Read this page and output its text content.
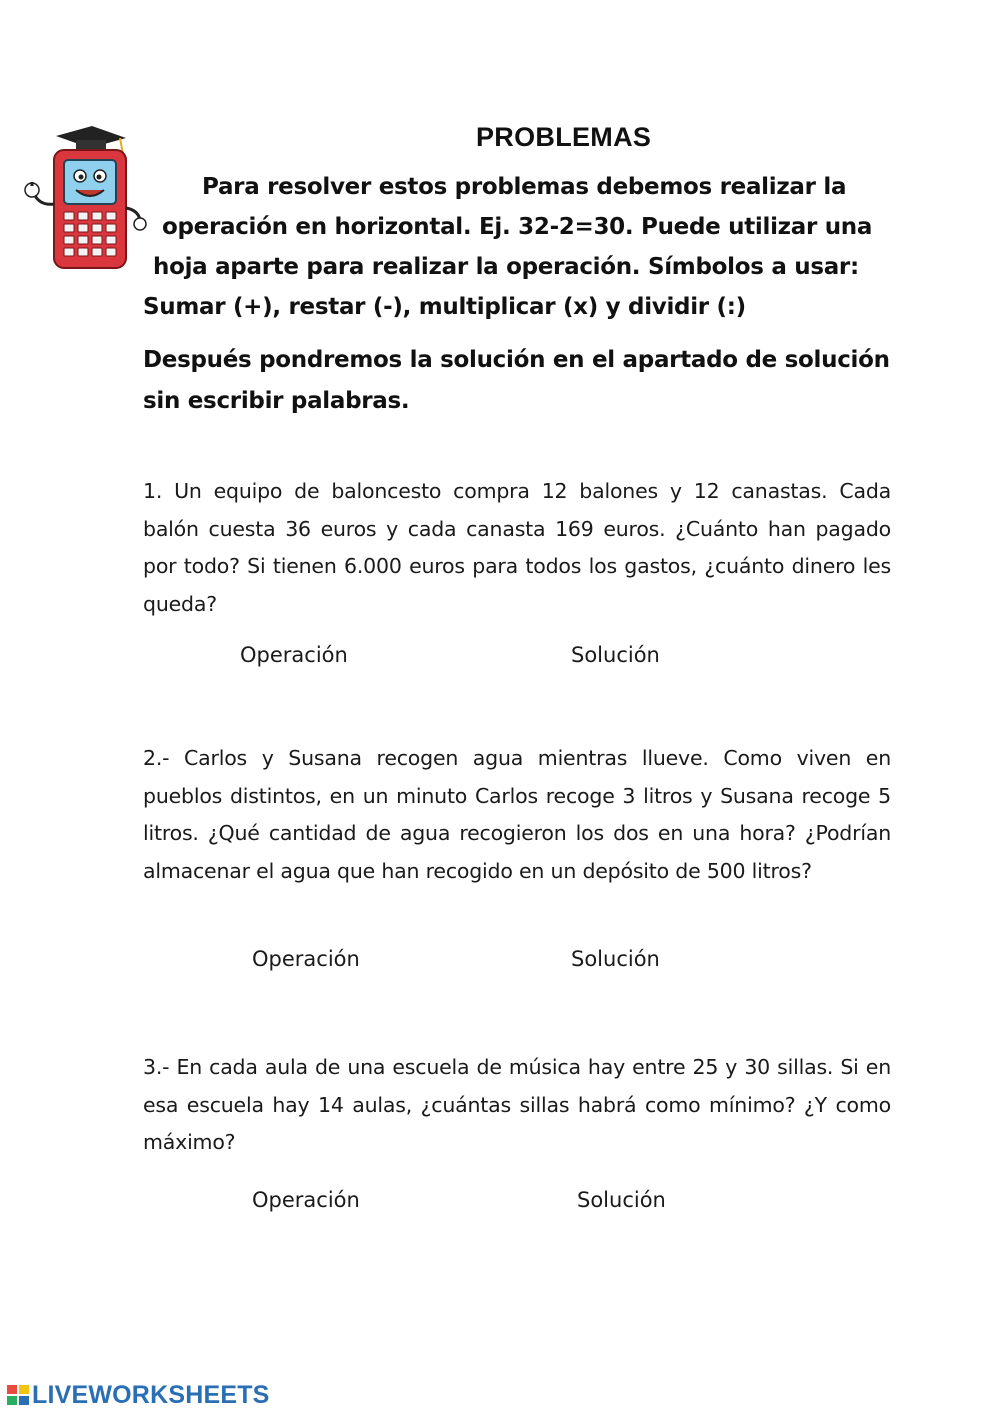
PROBLEMAS
Para resolver estos problemas debemos realizar la
operación en horizontal. Ej. 32-2=30. Puede utilizar una
hoja aparte para realizar la operación. Símbolos a usar:
Sumar (+), restar (-), multiplicar (x) y dividir (:)
Después pondremos la solución en el apartado de solución
sin escribir palabras.
1. Un equipo de baloncesto compra 12 balones y 12 canastas. Cada balón cuesta 36 euros y cada canasta 169 euros. ¿Cuánto han pagado por todo? Si tienen 6.000 euros para todos los gastos, ¿cuánto dinero les queda?
Operación	Solución
2.- Carlos y Susana recogen agua mientras llueve. Como viven en pueblos distintos, en un minuto Carlos recoge 3 litros y Susana recoge 5 litros. ¿Qué cantidad de agua recogieron los dos en una hora? ¿Podrían almacenar el agua que han recogido en un depósito de 500 litros?
Operación	Solución
3.- En cada aula de una escuela de música hay entre 25 y 30 sillas. Si en esa escuela hay 14 aulas, ¿cuántas sillas habrá como mínimo? ¿Y como máximo?
Operación	Solución
LIVEWORKSHEETS
